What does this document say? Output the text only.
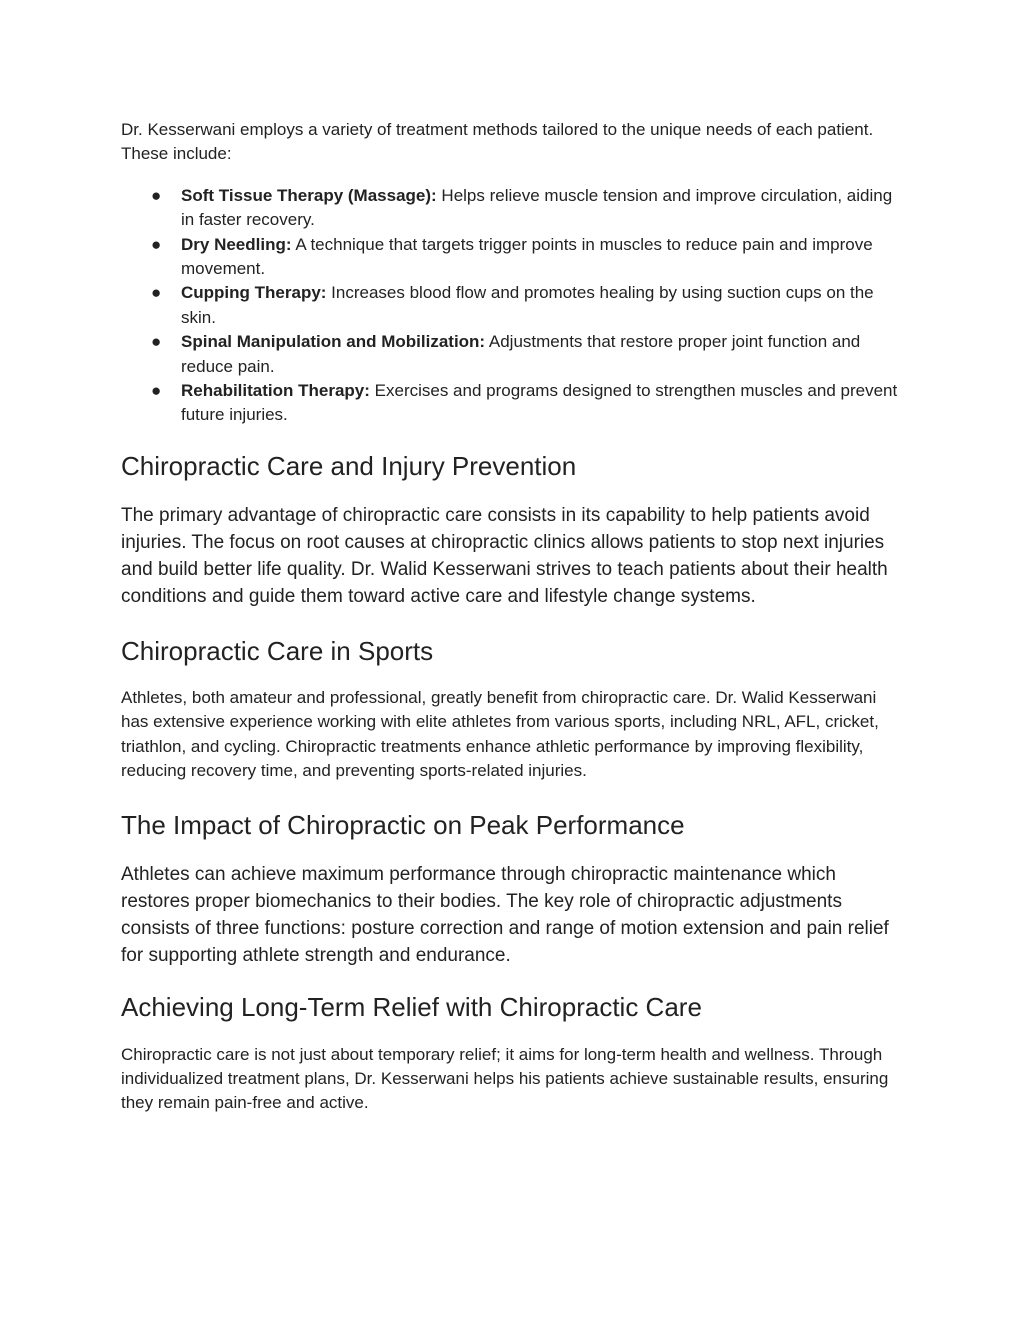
Dr. Kesserwani employs a variety of treatment methods tailored to the unique needs of each patient. These include:

● Soft Tissue Therapy (Massage): Helps relieve muscle tension and improve circulation, aiding in faster recovery.
● Dry Needling: A technique that targets trigger points in muscles to reduce pain and improve movement.
● Cupping Therapy: Increases blood flow and promotes healing by using suction cups on the skin.
● Spinal Manipulation and Mobilization: Adjustments that restore proper joint function and reduce pain.
● Rehabilitation Therapy: Exercises and programs designed to strengthen muscles and prevent future injuries.
Chiropractic Care and Injury Prevention

The primary advantage of chiropractic care consists in its capability to help patients avoid injuries. The focus on root causes at chiropractic clinics allows patients to stop next injuries and build better life quality. Dr. Walid Kesserwani strives to teach patients about their health conditions and guide them toward active care and lifestyle change systems.

Chiropractic Care in Sports

Athletes, both amateur and professional, greatly benefit from chiropractic care. Dr. Walid Kesserwani has extensive experience working with elite athletes from various sports, including NRL, AFL, cricket, triathlon, and cycling. Chiropractic treatments enhance athletic performance by improving flexibility, reducing recovery time, and preventing sports-related injuries.

The Impact of Chiropractic on Peak Performance

Athletes can achieve maximum performance through chiropractic maintenance which restores proper biomechanics to their bodies. The key role of chiropractic adjustments consists of three functions: posture correction and range of motion extension and pain relief for supporting athlete strength and endurance.

Achieving Long-Term Relief with Chiropractic Care

Chiropractic care is not just about temporary relief; it aims for long-term health and wellness. Through individualized treatment plans, Dr. Kesserwani helps his patients achieve sustainable results, ensuring they remain pain-free and active.
